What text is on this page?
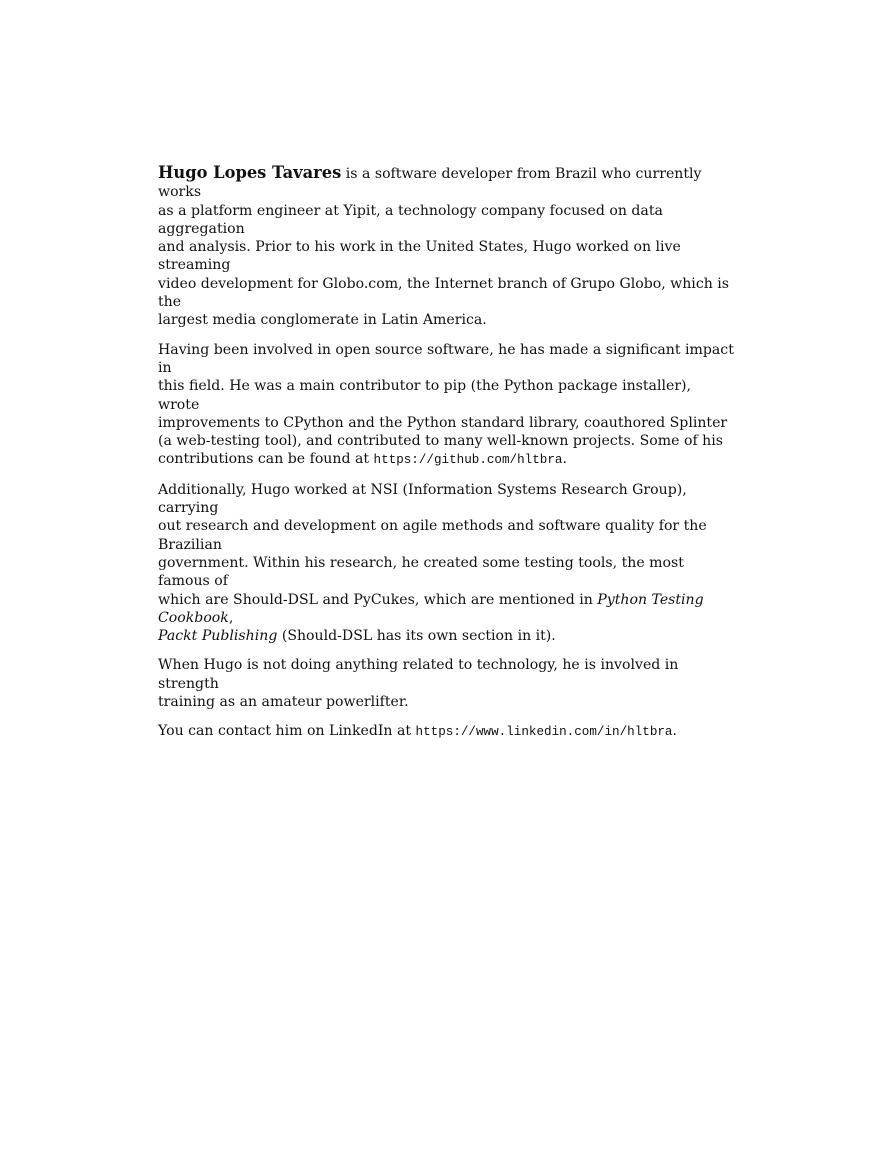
Hugo Lopes Tavares is a software developer from Brazil who currently works
as a platform engineer at Yipit, a technology company focused on data aggregation
and analysis. Prior to his work in the United States, Hugo worked on live streaming
video development for Globo.com, the Internet branch of Grupo Globo, which is the
largest media conglomerate in Latin America.

Having been involved in open source software, he has made a significant impact in
this field. He was a main contributor to pip (the Python package installer), wrote
improvements to CPython and the Python standard library, coauthored Splinter
(a web-testing tool), and contributed to many well-known projects. Some of his
contributions can be found at https://github.com/hltbra.

Additionally, Hugo worked at NSI (Information Systems Research Group), carrying
out research and development on agile methods and software quality for the Brazilian
government. Within his research, he created some testing tools, the most famous of
which are Should-DSL and PyCukes, which are mentioned in Python Testing Cookbook,
Packt Publishing (Should-DSL has its own section in it).

When Hugo is not doing anything related to technology, he is involved in strength
training as an amateur powerlifter.

You can contact him on LinkedIn at https://www.linkedin.com/in/hltbra.
